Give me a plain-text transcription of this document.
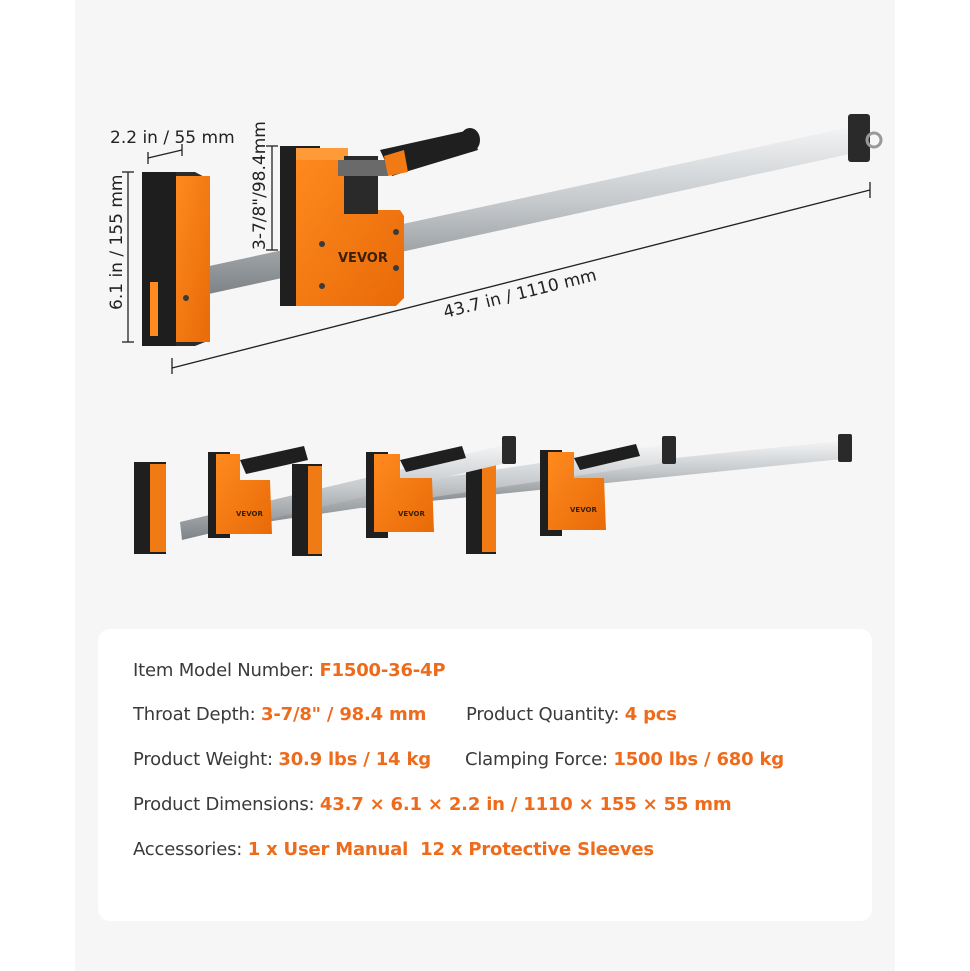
VEVOR
2.2 in / 55 mm
6.1 in / 155 mm	3-7/8"/98.4mm
43.7 in / 1110 mm
VEVOR	VEVOR	VEVOR
Item Model Number: F1500-36-4P
Throat Depth: 3-7/8" / 98.4 mm Product Quantity: 4 pcs
Product Weight: 30.9 lbs / 14 kg Clamping Force: 1500 lbs / 680 kg
Product Dimensions: 43.7 × 6.1 × 2.2 in / 1110 × 155 × 55 mm
Accessories: 1 x User Manual  12 x Protective Sleeves
